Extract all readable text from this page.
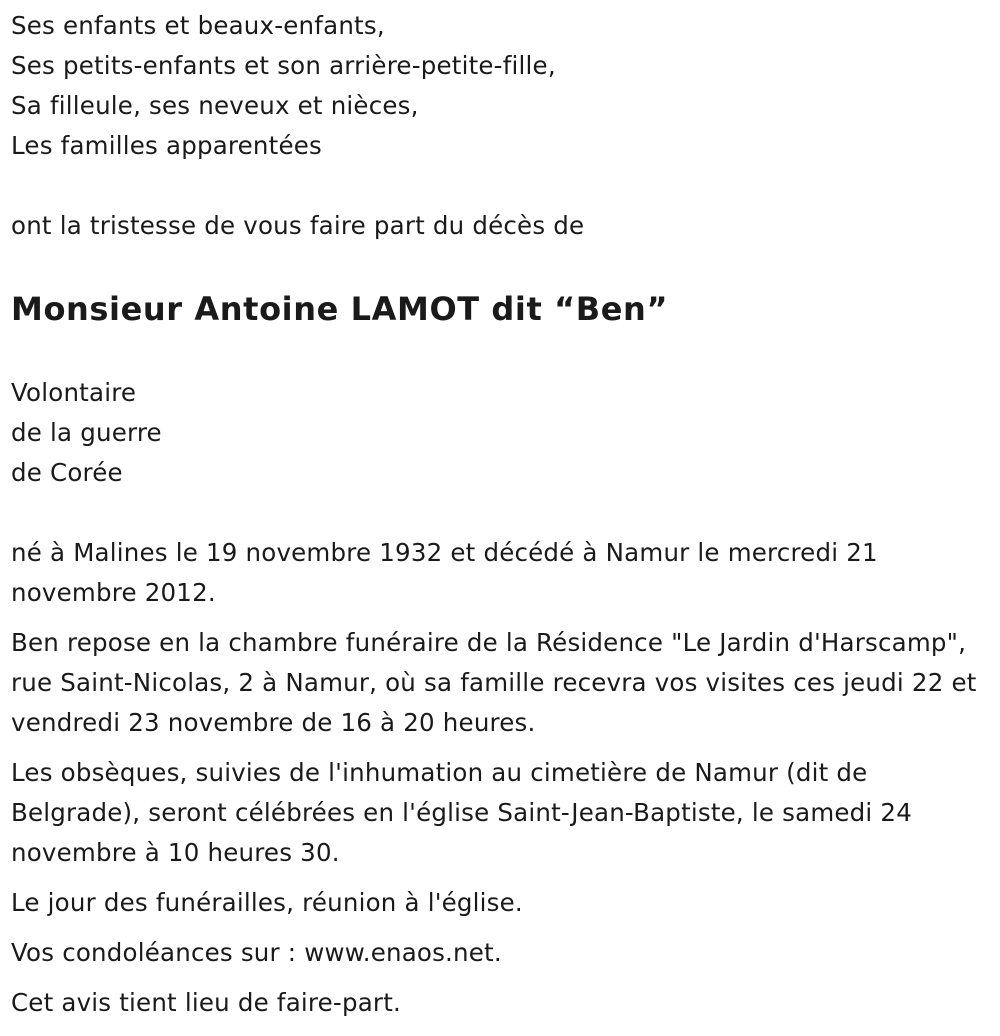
Ses enfants et beaux-enfants,
Ses petits-enfants et son arrière-petite-fille,
Sa filleule, ses neveux et nièces,
Les familles apparentées
ont la tristesse de vous faire part du décès de
Monsieur Antoine LAMOT dit “Ben”
Volontaire
de la guerre
de Corée
né à Malines le 19 novembre 1932 et décédé à Namur le mercredi 21 novembre 2012.
Ben repose en la chambre funéraire de la Résidence "Le Jardin d'Harscamp", rue Saint-Nicolas, 2 à Namur, où sa famille recevra vos visites ces jeudi 22 et vendredi 23 novembre de 16 à 20 heures.
Les obsèques, suivies de l'inhumation au cimetière de Namur (dit de Belgrade), seront célébrées en l'église Saint-Jean-Baptiste, le samedi 24 novembre à 10 heures 30.
Le jour des funérailles, réunion à l'église.
Vos condoléances sur : www.enaos.net.
Cet avis tient lieu de faire-part.
